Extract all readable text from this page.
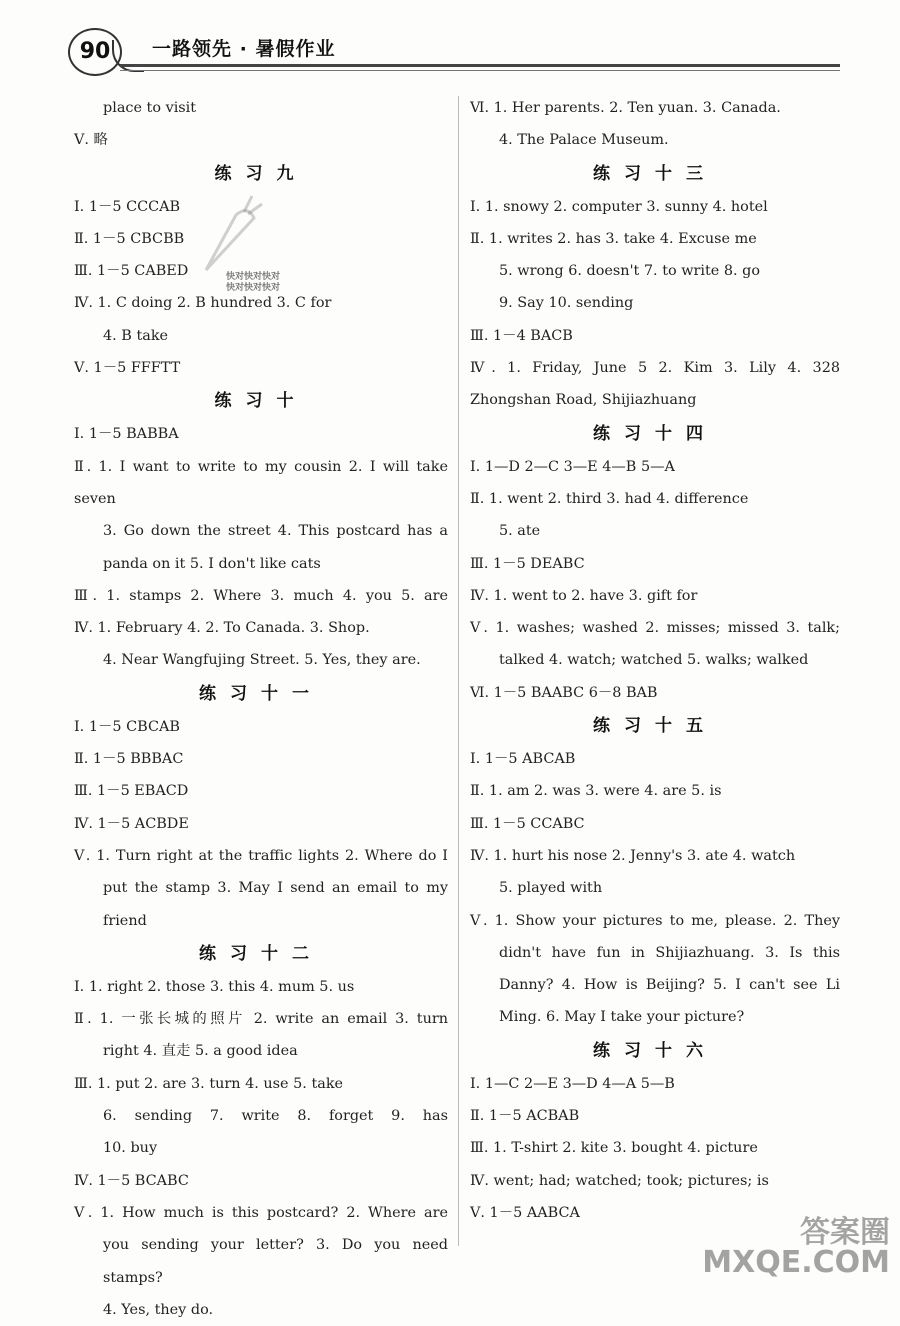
90	一路领先 · 暑假作业
place to visit
Ⅴ. 略
练习九
Ⅰ. 1－5 CCCAB
Ⅱ. 1－5 CBCBB
Ⅲ. 1－5 CABED
Ⅳ. 1. C doing 2. B hundred 3. C for
4. B take
Ⅴ. 1－5 FFFTT
练习十
Ⅰ. 1－5 BABBA
Ⅱ. 1. I want to write to my cousin 2. I will take seven
3. Go down the street 4. This postcard has a
panda on it 5. I don't like cats
Ⅲ. 1. stamps 2. Where 3. much 4. you 5. are
Ⅳ. 1. February 4. 2. To Canada. 3. Shop.
4. Near Wangfujing Street. 5. Yes, they are.
练习十一
Ⅰ. 1－5 CBCAB
Ⅱ. 1－5 BBBAC
Ⅲ. 1－5 EBACD
Ⅳ. 1－5 ACBDE
Ⅴ. 1. Turn right at the traffic lights 2. Where do I
put the stamp 3. May I send an email to my
friend
练习十二
Ⅰ. 1. right 2. those 3. this 4. mum 5. us
Ⅱ. 1. 一张长城的照片 2. write an email 3. turn
right 4. 直走 5. a good idea
Ⅲ. 1. put 2. are 3. turn 4. use 5. take
6. sending 7. write 8. forget 9. has
10. buy
Ⅳ. 1－5 BCABC
Ⅴ. 1. How much is this postcard? 2. Where are
you sending your letter? 3. Do you need stamps?
4. Yes, they do.
Ⅵ. 1. Her parents. 2. Ten yuan. 3. Canada.
4. The Palace Museum.
练习十三
Ⅰ. 1. snowy 2. computer 3. sunny 4. hotel
Ⅱ. 1. writes 2. has 3. take 4. Excuse me
5. wrong 6. doesn't 7. to write 8. go
9. Say 10. sending
Ⅲ. 1－4 BACB
Ⅳ. 1. Friday, June 5 2. Kim 3. Lily 4. 328
Zhongshan Road, Shijiazhuang
练习十四
Ⅰ. 1—D 2—C 3—E 4—B 5—A
Ⅱ. 1. went 2. third 3. had 4. difference
5. ate
Ⅲ. 1－5 DEABC
Ⅳ. 1. went to 2. have 3. gift for
Ⅴ. 1. washes; washed 2. misses; missed 3. talk;
talked 4. watch; watched 5. walks; walked
Ⅵ. 1－5 BAABC 6－8 BAB
练习十五
Ⅰ. 1－5 ABCAB
Ⅱ. 1. am 2. was 3. were 4. are 5. is
Ⅲ. 1－5 CCABC
Ⅳ. 1. hurt his nose 2. Jenny's 3. ate 4. watch
5. played with
Ⅴ. 1. Show your pictures to me, please. 2. They
didn't have fun in Shijiazhuang. 3. Is this
Danny? 4. How is Beijing? 5. I can't see Li
Ming. 6. May I take your picture?
练习十六
Ⅰ. 1—C 2—E 3—D 4—A 5—B
Ⅱ. 1－5 ACBAB
Ⅲ. 1. T-shirt 2. kite 3. bought 4. picture
Ⅳ. went; had; watched; took; pictures; is
Ⅴ. 1－5 AABCA
快对快对快对
快对快对快对
答案圈
MXQE.COM
